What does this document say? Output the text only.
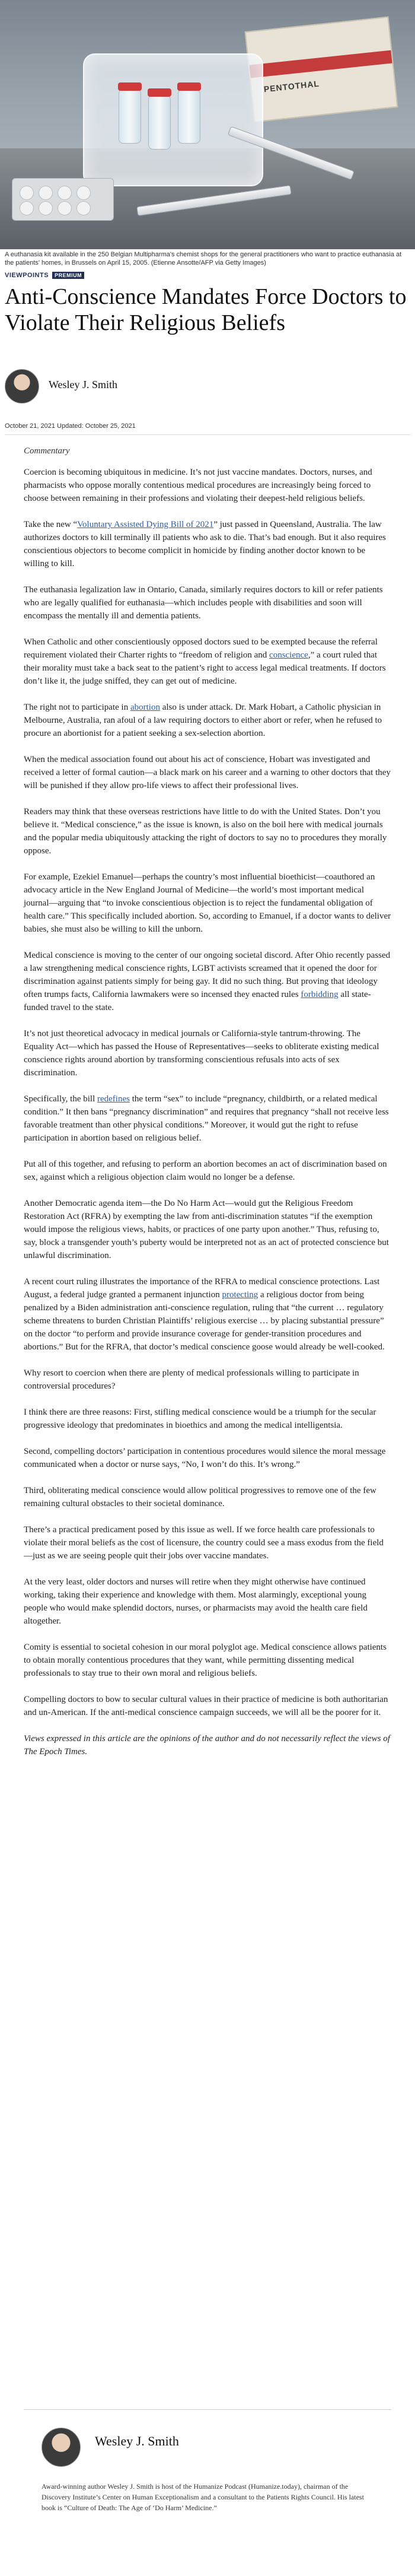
PENTOTHAL
A euthanasia kit available in the 250 Belgian Multipharma's chemist shops for the general practitioners who want to practice euthanasia at the patients' homes, in Brussels on April 15, 2005. (Etienne Ansotte/AFP via Getty Images)
VIEWPOINTS PREMIUM
Anti-Conscience Mandates Force Doctors to Violate Their Religious Beliefs
Wesley J. Smith
October 21, 2021 Updated: October 25, 2021
Commentary

Coercion is becoming ubiquitous in medicine. It’s not just vaccine mandates. Doctors, nurses, and pharmacists who oppose morally contentious medical procedures are increasingly being forced to choose between remaining in their professions and violating their deepest-held religious beliefs.

Take the new “Voluntary Assisted Dying Bill of 2021” just passed in Queensland, Australia. The law authorizes doctors to kill terminally ill patients who ask to die. That’s bad enough. But it also requires conscientious objectors to become complicit in homicide by finding another doctor known to be willing to kill.

The euthanasia legalization law in Ontario, Canada, similarly requires doctors to kill or refer patients who are legally qualified for euthanasia—which includes people with disabilities and soon will encompass the mentally ill and dementia patients.

When Catholic and other conscientiously opposed doctors sued to be exempted because the referral requirement violated their Charter rights to “freedom of religion and conscience,” a court ruled that their morality must take a back seat to the patient’s right to access legal medical treatments. If doctors don’t like it, the judge sniffed, they can get out of medicine.

The right not to participate in abortion also is under attack. Dr. Mark Hobart, a Catholic physician in Melbourne, Australia, ran afoul of a law requiring doctors to either abort or refer, when he refused to procure an abortionist for a patient seeking a sex-selection abortion.

When the medical association found out about his act of conscience, Hobart was investigated and received a letter of formal caution—a black mark on his career and a warning to other doctors that they will be punished if they allow pro-life views to affect their professional lives.

Readers may think that these overseas restrictions have little to do with the United States. Don’t you believe it. “Medical conscience,” as the issue is known, is also on the boil here with medical journals and the popular media ubiquitously attacking the right of doctors to say no to procedures they morally oppose.

For example, Ezekiel Emanuel—perhaps the country’s most influential bioethicist—coauthored an advocacy article in the New England Journal of Medicine—the world’s most important medical journal—arguing that “to invoke conscientious objection is to reject the fundamental obligation of health care.” This specifically included abortion. So, according to Emanuel, if a doctor wants to deliver babies, she must also be willing to kill the unborn.

Medical conscience is moving to the center of our ongoing societal discord. After Ohio recently passed a law strengthening medical conscience rights, LGBT activists screamed that it opened the door for discrimination against patients simply for being gay. It did no such thing. But proving that ideology often trumps facts, California lawmakers were so incensed they enacted rules forbidding all state-funded travel to the state.

It’s not just theoretical advocacy in medical journals or California-style tantrum-throwing. The Equality Act—which has passed the House of Representatives—seeks to obliterate existing medical conscience rights around abortion by transforming conscientious refusals into acts of sex discrimination.

Specifically, the bill redefines the term “sex” to include “pregnancy, childbirth, or a related medical condition.” It then bans “pregnancy discrimination” and requires that pregnancy “shall not receive less favorable treatment than other physical conditions.” Moreover, it would gut the right to refuse participation in abortion based on religious belief.

Put all of this together, and refusing to perform an abortion becomes an act of discrimination based on sex, against which a religious objection claim would no longer be a defense.

Another Democratic agenda item—the Do No Harm Act—would gut the Religious Freedom Restoration Act (RFRA) by exempting the law from anti-discrimination statutes “if the exemption would impose the religious views, habits, or practices of one party upon another.” Thus, refusing to, say, block a transgender youth’s puberty would be interpreted not as an act of protected conscience but unlawful discrimination.

A recent court ruling illustrates the importance of the RFRA to medical conscience protections. Last August, a federal judge granted a permanent injunction protecting a religious doctor from being penalized by a Biden administration anti-conscience regulation, ruling that “the current … regulatory scheme threatens to burden Christian Plaintiffs’ religious exercise … by placing substantial pressure” on the doctor “to perform and provide insurance coverage for gender-transition procedures and abortions.” But for the RFRA, that doctor’s medical conscience goose would already be well-cooked.

Why resort to coercion when there are plenty of medical professionals willing to participate in controversial procedures?

I think there are three reasons: First, stifling medical conscience would be a triumph for the secular progressive ideology that predominates in bioethics and among the medical intelligentsia.

Second, compelling doctors’ participation in contentious procedures would silence the moral message communicated when a doctor or nurse says, “No, I won’t do this. It’s wrong.”

Third, obliterating medical conscience would allow political progressives to remove one of the few remaining cultural obstacles to their societal dominance.

There’s a practical predicament posed by this issue as well. If we force health care professionals to violate their moral beliefs as the cost of licensure, the country could see a mass exodus from the field—just as we are seeing people quit their jobs over vaccine mandates.

At the very least, older doctors and nurses will retire when they might otherwise have continued working, taking their experience and knowledge with them. Most alarmingly, exceptional young people who would make splendid doctors, nurses, or pharmacists may avoid the health care field altogether.

Comity is essential to societal cohesion in our moral polyglot age. Medical conscience allows patients to obtain morally contentious procedures that they want, while permitting dissenting medical professionals to stay true to their own moral and religious beliefs.

Compelling doctors to bow to secular cultural values in their practice of medicine is both authoritarian and un-American. If the anti-medical conscience campaign succeeds, we will all be the poorer for it.

Views expressed in this article are the opinions of the author and do not necessarily reflect the views of The Epoch Times.

Wesley J. Smith
Award-winning author Wesley J. Smith is host of the Humanize Podcast (Humanize.today), chairman of the Discovery Institute’s Center on Human Exceptionalism and a consultant to the Patients Rights Council. His latest book is “Culture of Death: The Age of ‘Do Harm’ Medicine.”
